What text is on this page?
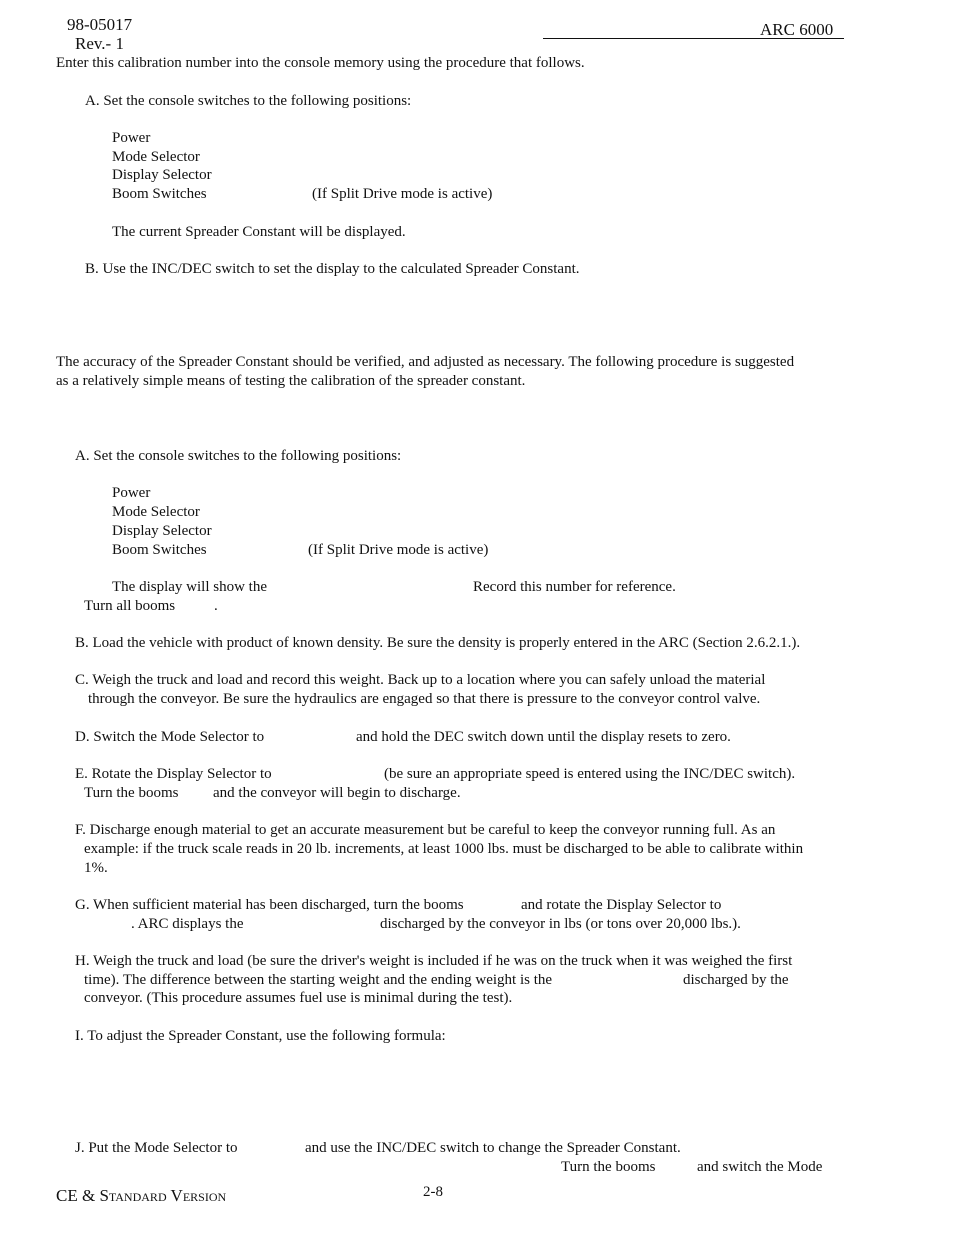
98-05017
Rev.- 1
ARC 6000
Enter this calibration number into the console memory using the procedure that follows.
A. Set the console switches to the following positions:
Power
Mode Selector
Display Selector
Boom Switches	(If Split Drive mode is active)
The current Spreader Constant will be displayed.
B. Use the INC/DEC switch to set the display to the calculated Spreader Constant.
The accuracy of the Spreader Constant should be verified, and adjusted as necessary. The following procedure is suggested
as a relatively simple means of testing the calibration of the spreader constant.
A. Set the console switches to the following positions:
Power
Mode Selector
Display Selector
Boom Switches	(If Split Drive mode is active)
The display will show the	Record this number for reference.
Turn all booms	.
B. Load the vehicle with product of known density. Be sure the density is properly entered in the ARC (Section 2.6.2.1.).
C. Weigh the truck and load and record this weight. Back up to a location where you can safely unload the material
through the conveyor. Be sure the hydraulics are engaged so that there is pressure to the conveyor control valve.
D. Switch the Mode Selector to	and hold the DEC switch down until the display resets to zero.
E. Rotate the Display Selector to	(be sure an appropriate speed is entered using the INC/DEC switch).
Turn the booms and the conveyor will begin to discharge.
F. Discharge enough material to get an accurate measurement but be careful to keep the conveyor running full. As an
example: if the truck scale reads in 20 lb. increments, at least 1000 lbs. must be discharged to be able to calibrate within
1%.
G. When sufficient material has been discharged, turn the booms	and rotate the Display Selector to
. ARC displays the	discharged by the conveyor in lbs (or tons over 20,000 lbs.).
H. Weigh the truck and load (be sure the driver's weight is included if he was on the truck when it was weighed the first
time). The difference between the starting weight and the ending weight is the	discharged by the
conveyor. (This procedure assumes fuel use is minimal during the test).
I. To adjust the Spreader Constant, use the following formula:
J. Put the Mode Selector to	and use the INC/DEC switch to change the Spreader Constant.
Turn the booms	and switch the Mode
CE & Standard Version	2-8
